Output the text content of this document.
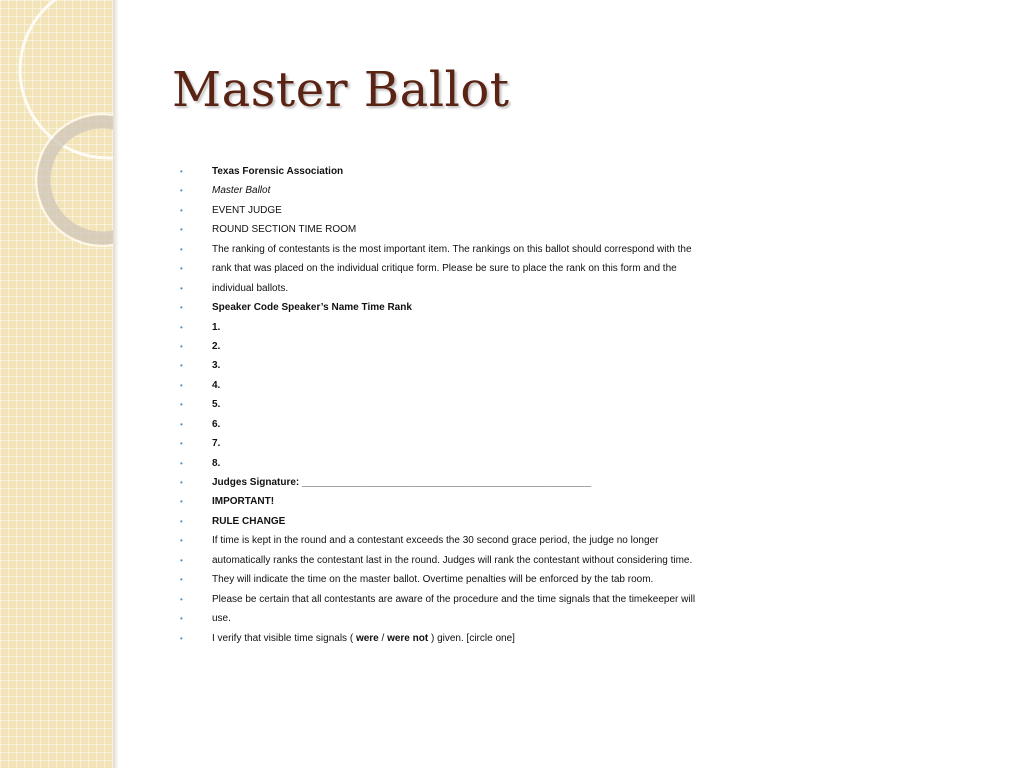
Master Ballot
•	Texas Forensic Association
•	Master Ballot
•	EVENT JUDGE
•	ROUND SECTION TIME ROOM
•	The ranking of contestants is the most important item. The rankings on this ballot should correspond with the
•	rank that was placed on the individual critique form. Please be sure to place the rank on this form and the
•	individual ballots.
•	Speaker Code Speaker’s Name Time Rank
•	1.
•	2.
•	3.
•	4.
•	5.
•	6.
•	7.
•	8.
•	Judges Signature: ____________________________________________________
•	IMPORTANT!
•	RULE CHANGE
•	If time is kept in the round and a contestant exceeds the 30 second grace period, the judge no longer
•	automatically ranks the contestant last in the round. Judges will rank the contestant without considering time.
•	They will indicate the time on the master ballot. Overtime penalties will be enforced by the tab room.
•	Please be certain that all contestants are aware of the procedure and the time signals that the timekeeper will
•	use.
•	I verify that visible time signals ( were / were not ) given. [circle one]
